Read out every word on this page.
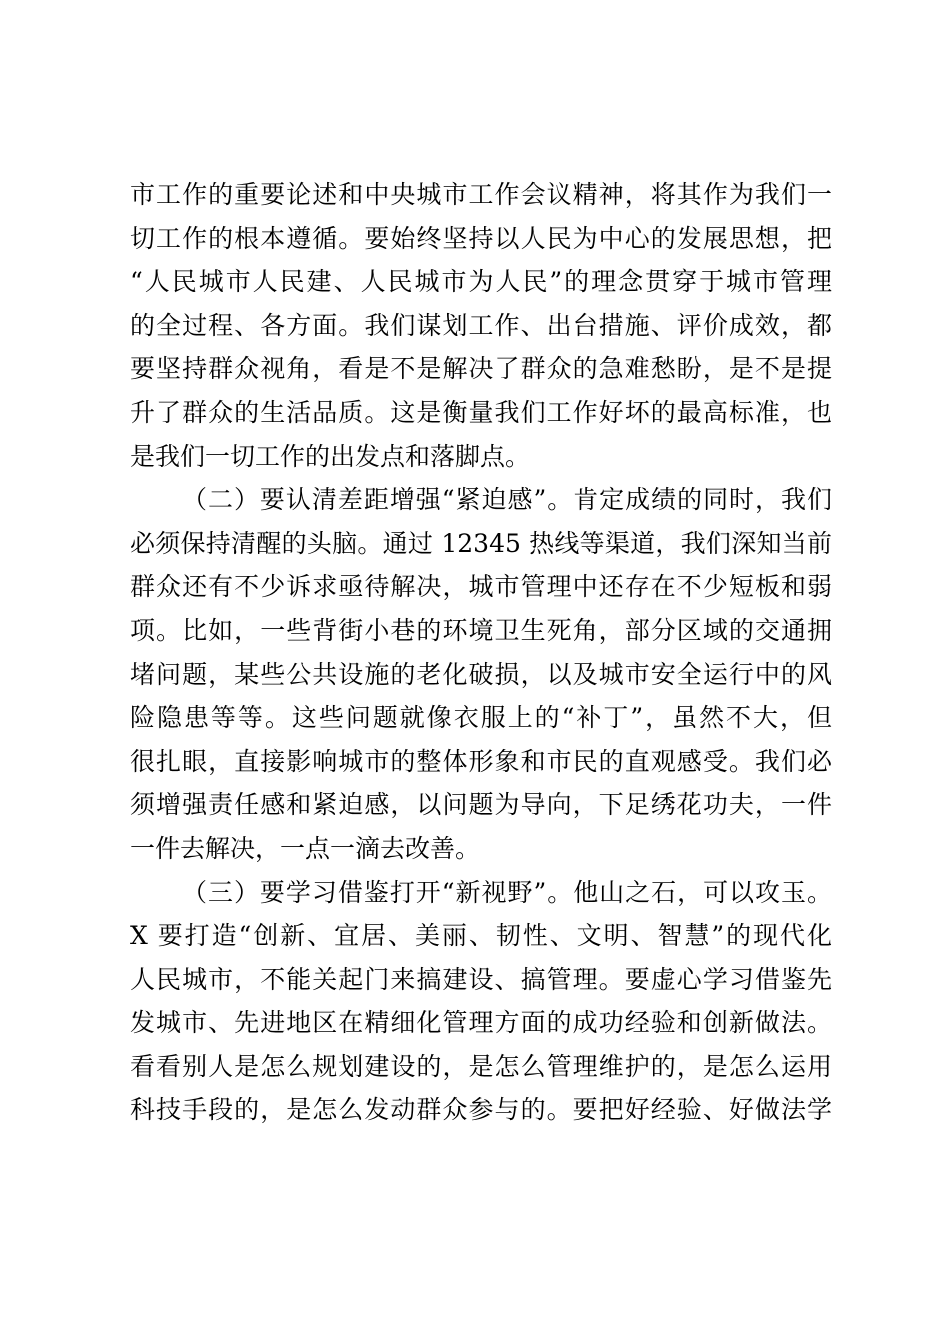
市工作的重要论述和中央城市工作会议精神，将其作为我们一
切工作的根本遵循。要始终坚持以人民为中心的发展思想，把
“人民城市人民建、人民城市为人民”的理念贯穿于城市管理
的全过程、各方面。我们谋划工作、出台措施、评价成效，都
要坚持群众视角，看是不是解决了群众的急难愁盼，是不是提
升了群众的生活品质。这是衡量我们工作好坏的最高标准，也
是我们一切工作的出发点和落脚点。
（二）要认清差距增强“紧迫感”。肯定成绩的同时，我们
必须保持清醒的头脑。通过 12345 热线等渠道，我们深知当前
群众还有不少诉求亟待解决，城市管理中还存在不少短板和弱
项。比如，一些背街小巷的环境卫生死角，部分区域的交通拥
堵问题，某些公共设施的老化破损，以及城市安全运行中的风
险隐患等等。这些问题就像衣服上的“补丁”，虽然不大，但
很扎眼，直接影响城市的整体形象和市民的直观感受。我们必
须增强责任感和紧迫感，以问题为导向，下足绣花功夫，一件
一件去解决，一点一滴去改善。
（三）要学习借鉴打开“新视野”。他山之石，可以攻玉。
X 要打造“创新、宜居、美丽、韧性、文明、智慧”的现代化
人民城市，不能关起门来搞建设、搞管理。要虚心学习借鉴先
发城市、先进地区在精细化管理方面的成功经验和创新做法。
看看别人是怎么规划建设的，是怎么管理维护的，是怎么运用
科技手段的，是怎么发动群众参与的。要把好经验、好做法学
